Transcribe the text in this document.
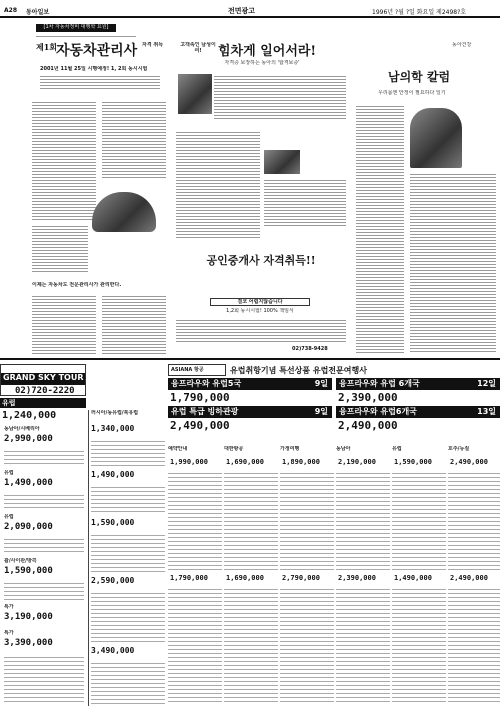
A28 동아일보	전면광고	1996년 ?월 ?일 화요일 제2498?호
[1차 자동차정비 대행학 요원]
제1회
자동차관리사 자격 취득
2001년 11월 25일 시행예정! 1, 2회 동시시험
이제는 자동차도 전문관리사가 관리한다.
고객속인 남성이여!	힘차게 일어서라!
자격증 보장하는 동아의 '합격보증'
공인중개사 자격취득!!
결코 어렵지않습니다
1,2회 동시시험! 100% 책임식
02)738-9428
동아건강
남의학 칼럼
우리몸엔 안정이 필요하다 일기
GRAND SKY TOUR
02)720-2220
유럽
1,240,000
동남아/시베리아
2,990,000
유럽
1,490,000
유럽
2,090,000
괌/사이판/방콕
1,590,000
특가
3,190,000
특가
3,390,000
러시아/동유럽/북유럽
1,340,000
1,490,000
1,590,000
2,590,000
3,490,000
ASIANA 항공	유럽취항기념 특선상품 유럽전문여행사
융프라우와 유럽5국	9일
1,790,000
융프라우와 유럽 6개국	12일
2,390,000
유럽 특급 빙하관광	9일
2,490,000
융프라우와 유럽6개국	13일
2,490,000
예약안내	대한항공	가정여행	동남아	유럽	호주/뉴질
1,990,000	1,690,000	1,890,000	2,190,000	1,590,000	2,490,000
1,790,000	1,690,000	2,790,000	2,390,000	1,490,000	2,490,000
